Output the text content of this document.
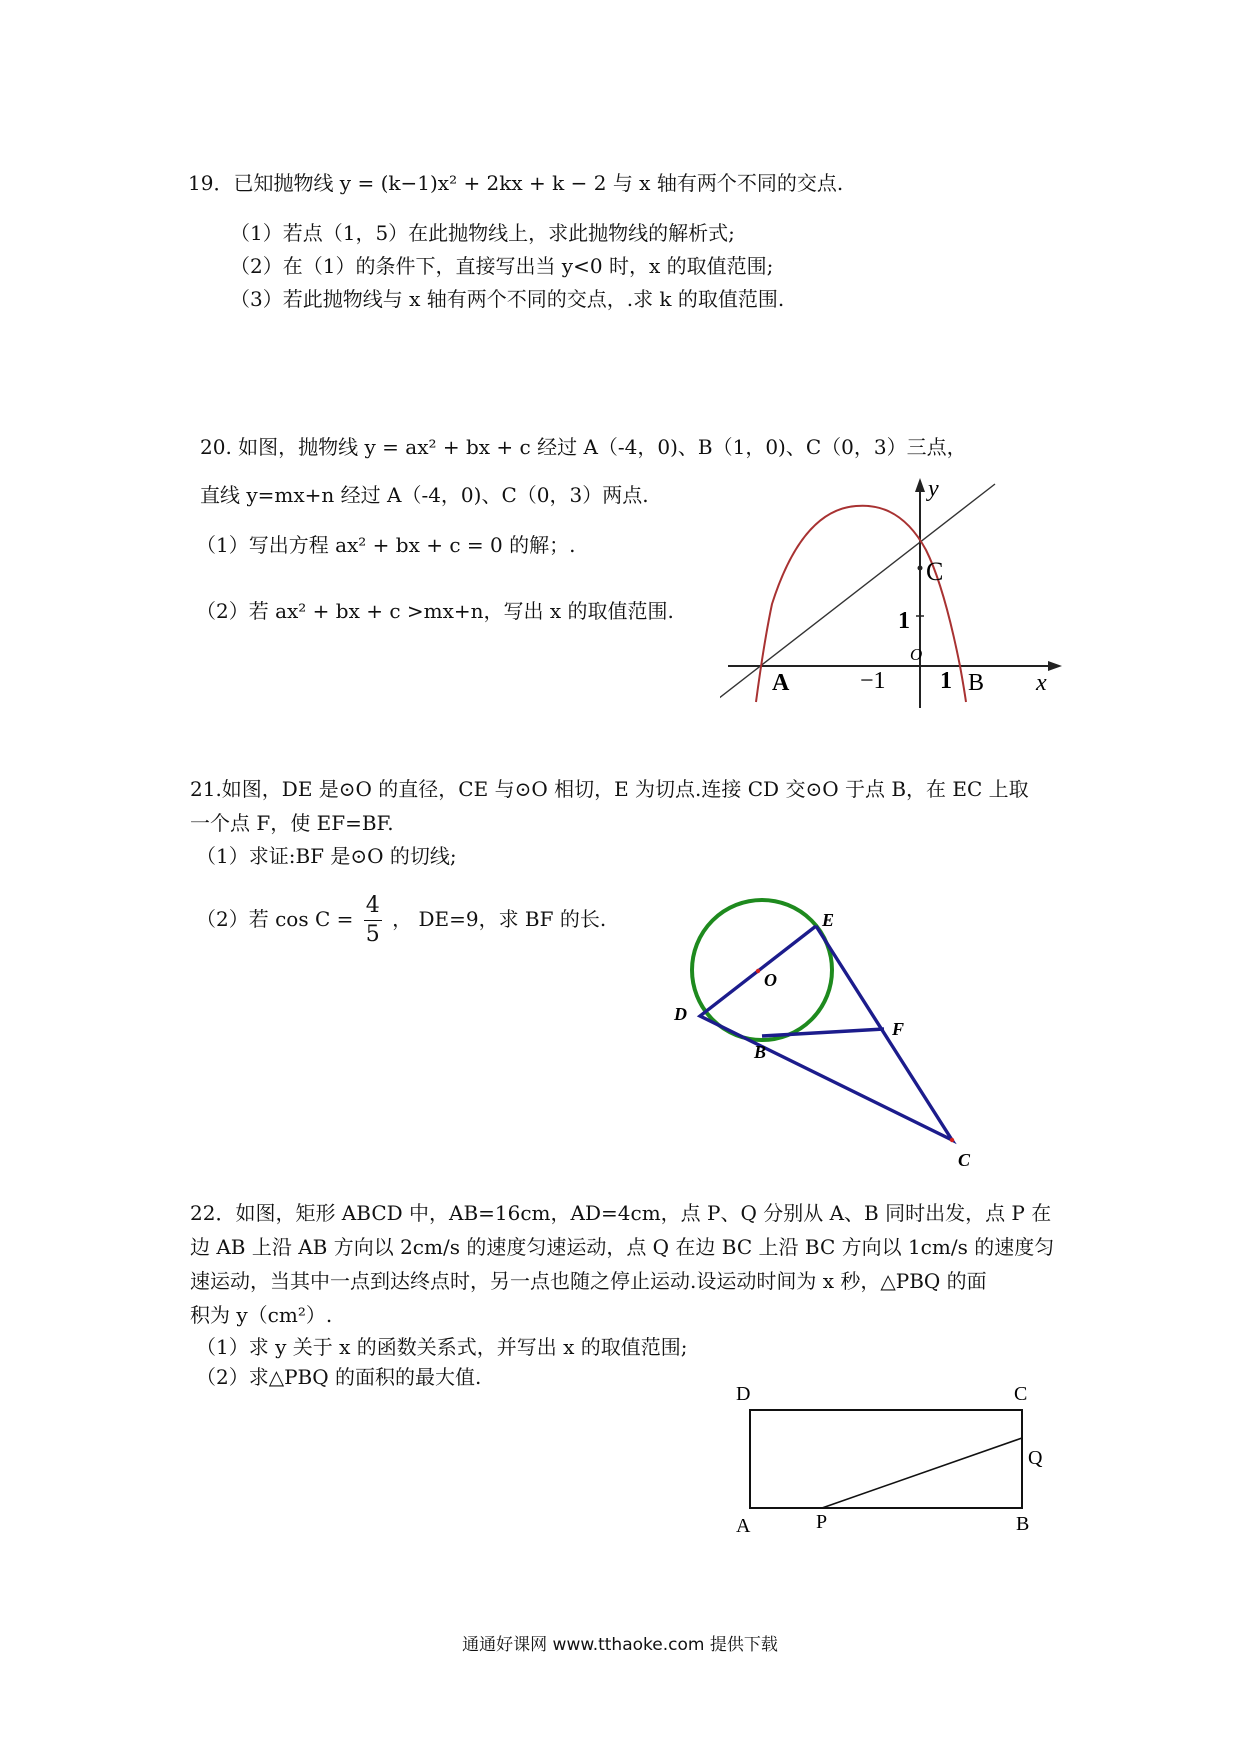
19．已知抛物线 y = (k−1)x² + 2kx + k − 2 与 x 轴有两个不同的交点.
（1）若点（1，5）在此抛物线上，求此抛物线的解析式;
（2）在（1）的条件下，直接写出当 y<0 时，x 的取值范围;
（3）若此抛物线与 x 轴有两个不同的交点，.求 k 的取值范围.
20. 如图，抛物线 y = ax² + bx + c 经过 A（-4，0)、B（1，0)、C（0，3）三点，
直线 y=mx+n 经过 A（-4，0)、C（0，3）两点.
（1）写出方程 ax² + bx + c = 0 的解；.
（2）若 ax² + bx + c >mx+n，写出 x 的取值范围.
y
x
C
1
A	−1
O
1 B
21.如图，DE 是⊙O 的直径，CE 与⊙O 相切，E 为切点.连接 CD 交⊙O 于点 B，在 EC 上取
一个点 F，使 EF=BF.
（1）求证:BF 是⊙O 的切线;
（2）若 $\cos C = \frac{4}{5}$ ， DE=9，求 BF 的长.	E
O
D
F
B
C
22．如图，矩形 ABCD 中，AB=16cm，AD=4cm，点 P、Q 分别从 A、B 同时出发，点 P 在
边 AB 上沿 AB 方向以 2cm/s 的速度匀速运动，点 Q 在边 BC 上沿 BC 方向以 1cm/s 的速度匀
速运动，当其中一点到达终点时，另一点也随之停止运动.设运动时间为 x 秒，△PBQ 的面
积为 y（cm²）.
（1）求 y 关于 x 的函数关系式，并写出 x 的取值范围;
（2）求△PBQ 的面积的最大值.
D	C
Q
A	P	B
通通好课网 www.tthaoke.com 提供下载
